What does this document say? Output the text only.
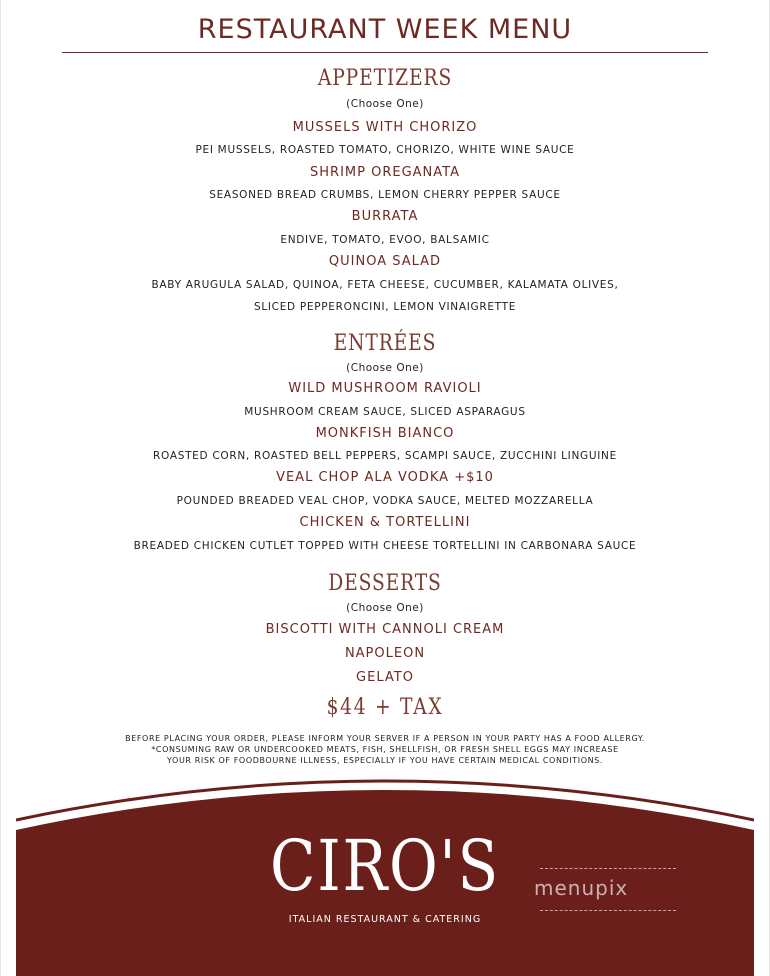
RESTAURANT WEEK MENU
APPETIZERS
(Choose One)
MUSSELS WITH CHORIZO
PEI MUSSELS, ROASTED TOMATO, CHORIZO, WHITE WINE SAUCE
SHRIMP OREGANATA
SEASONED BREAD CRUMBS, LEMON CHERRY PEPPER SAUCE
BURRATA
ENDIVE, TOMATO, EVOO, BALSAMIC
QUINOA SALAD
BABY ARUGULA SALAD, QUINOA, FETA CHEESE, CUCUMBER, KALAMATA OLIVES,
SLICED PEPPERONCINI, LEMON VINAIGRETTE
ENTRÉES
(Choose One)
WILD MUSHROOM RAVIOLI
MUSHROOM CREAM SAUCE, SLICED ASPARAGUS
MONKFISH BIANCO
ROASTED CORN, ROASTED BELL PEPPERS, SCAMPI SAUCE, ZUCCHINI LINGUINE
VEAL CHOP ALA VODKA +$10
POUNDED BREADED VEAL CHOP, VODKA SAUCE, MELTED MOZZARELLA
CHICKEN & TORTELLINI
BREADED CHICKEN CUTLET TOPPED WITH CHEESE TORTELLINI IN CARBONARA SAUCE
DESSERTS
(Choose One)
BISCOTTI WITH CANNOLI CREAM
NAPOLEON
GELATO
$44 + TAX
BEFORE PLACING YOUR ORDER, PLEASE INFORM YOUR SERVER IF A PERSON IN YOUR PARTY HAS A FOOD ALLERGY.
*CONSUMING RAW OR UNDERCOOKED MEATS, FISH, SHELLFISH, OR FRESH SHELL EGGS MAY INCREASE
YOUR RISK OF FOODBOURNE ILLNESS, ESPECIALLY IF YOU HAVE CERTAIN MEDICAL CONDITIONS.
CIRO'S
ITALIAN RESTAURANT & CATERING
menupix
